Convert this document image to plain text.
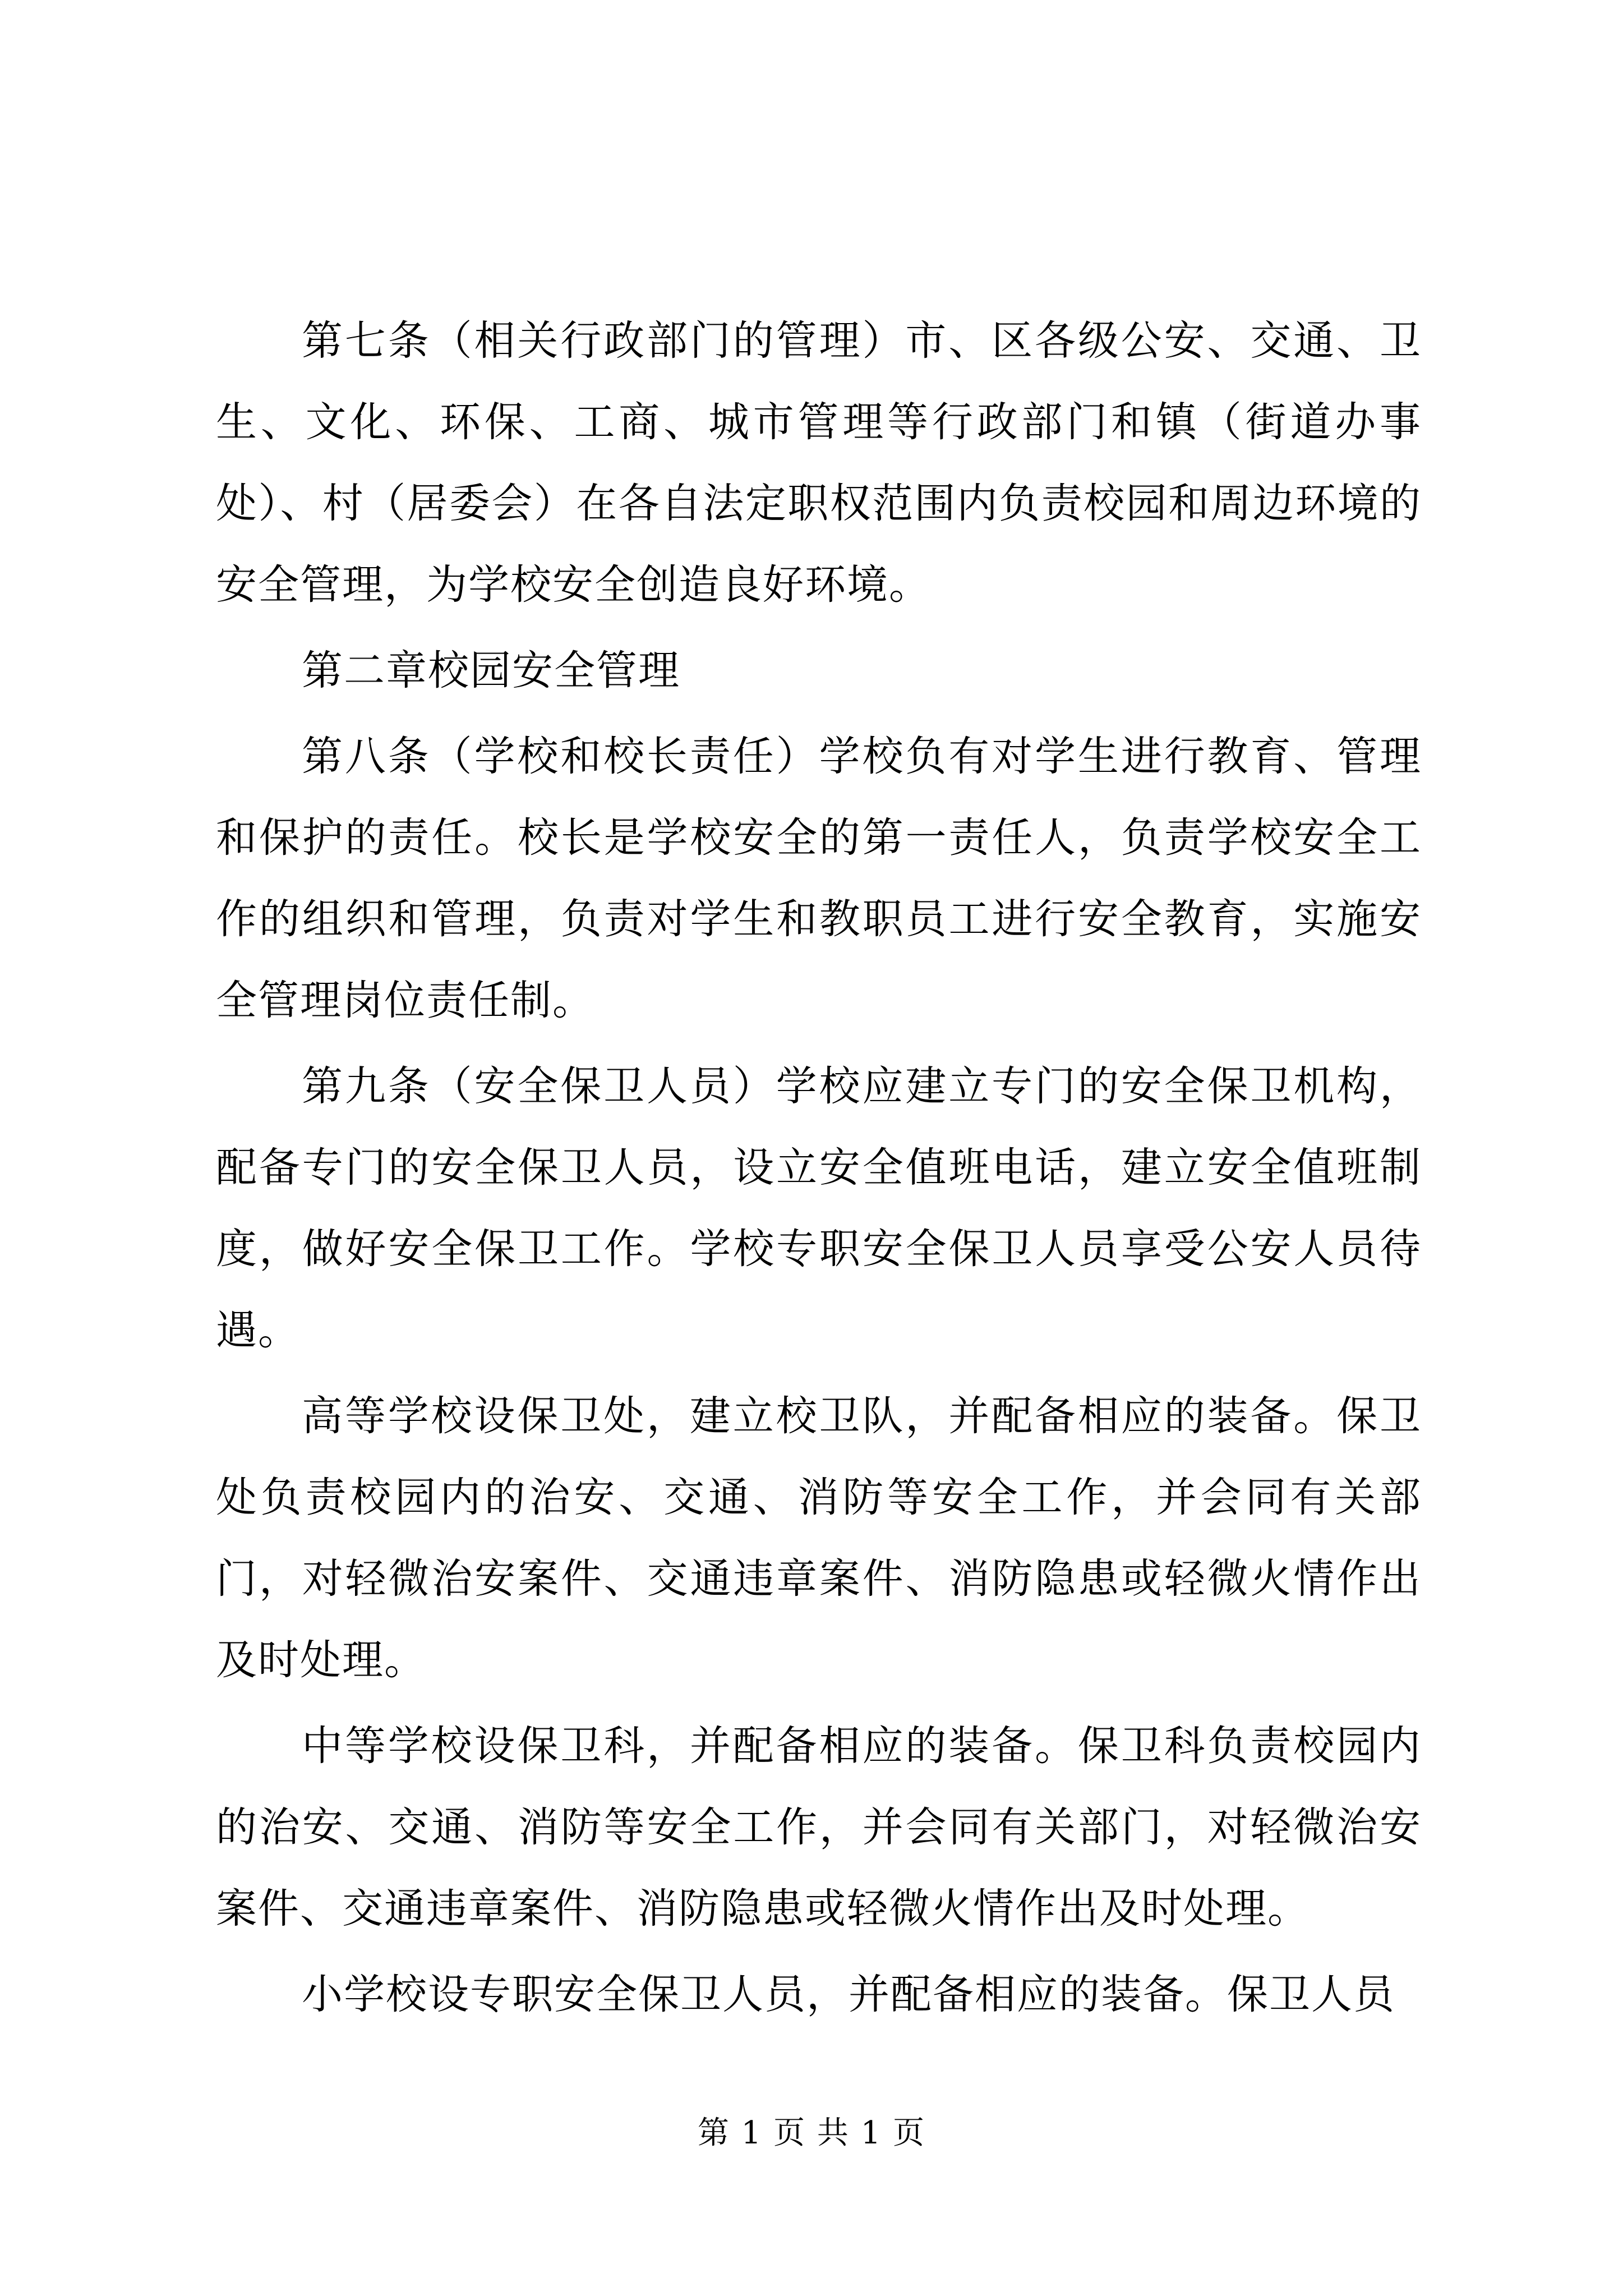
第七条（相关行政部门的管理）市、区各级公安、交通、卫生、文化、环保、工商、城市管理等行政部门和镇（街道办事处）、村（居委会）在各自法定职权范围内负责校园和周边环境的安全管理，为学校安全创造良好环境。

第二章校园安全管理

第八条（学校和校长责任）学校负有对学生进行教育、管理和保护的责任。校长是学校安全的第一责任人，负责学校安全工作的组织和管理，负责对学生和教职员工进行安全教育，实施安全管理岗位责任制。

第九条（安全保卫人员）学校应建立专门的安全保卫机构，配备专门的安全保卫人员，设立安全值班电话，建立安全值班制度，做好安全保卫工作。学校专职安全保卫人员享受公安人员待遇。

高等学校设保卫处，建立校卫队，并配备相应的装备。保卫处负责校园内的治安、交通、消防等安全工作，并会同有关部门，对轻微治安案件、交通违章案件、消防隐患或轻微火情作出及时处理。

中等学校设保卫科，并配备相应的装备。保卫科负责校园内的治安、交通、消防等安全工作，并会同有关部门，对轻微治安案件、交通违章案件、消防隐患或轻微火情作出及时处理。

小学校设专职安全保卫人员，并配备相应的装备。保卫人员

第 1 页 共 1 页
